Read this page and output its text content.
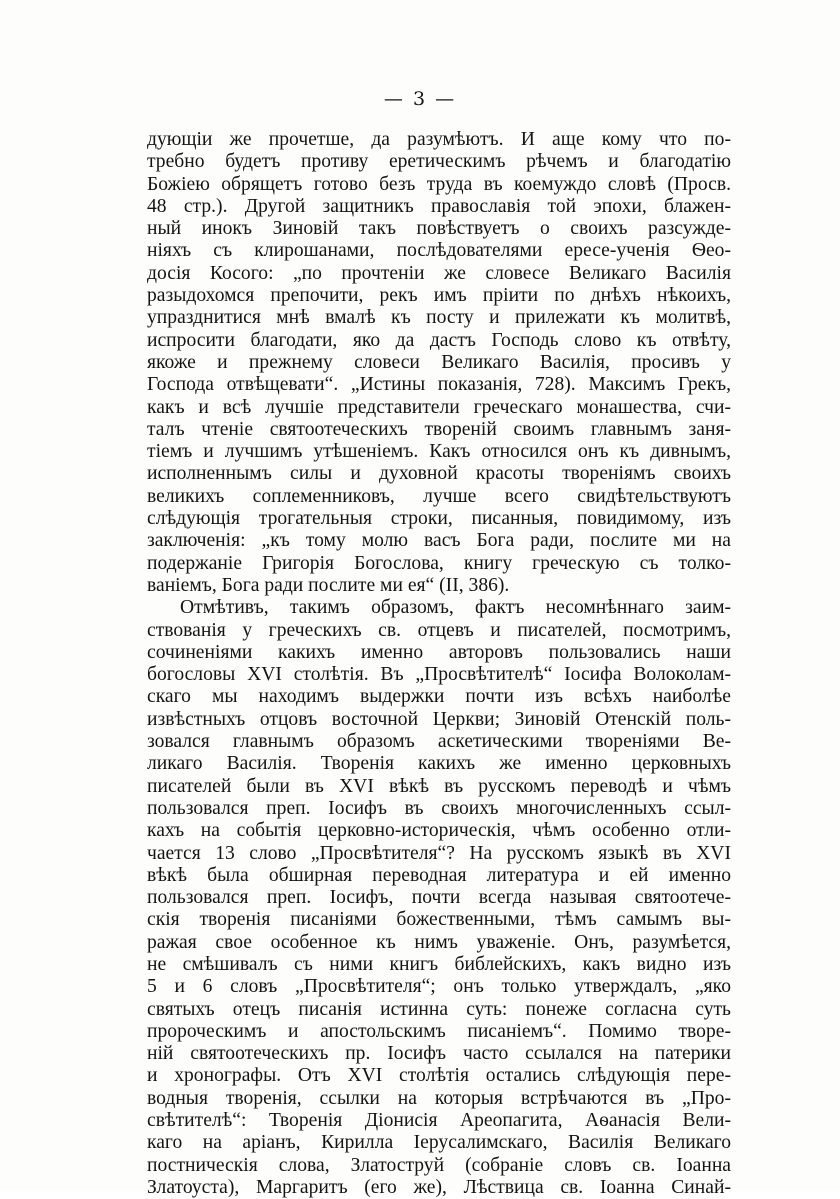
— 3 —
дующіи же прочетше, да разумѣютъ. И аще кому что по-
требно будетъ противу еретическимъ рѣчемъ и благодатію
Божіею обрящетъ готово безъ труда въ коемуждо словѣ (Просв.
48 стр.). Другой защитникъ православія той эпохи, блажен-
ный инокъ Зиновій такъ повѣствуетъ о своихъ разсужде-
ніяхъ съ клирошанами, послѣдователями ересе-ученія Ѳео-
досія Косого: „по прочтеніи же словесе Великаго Василія
разыдохомся препочити, рекъ имъ пріити по днѣхъ нѣкоихъ,
упразднитися мнѣ вмалѣ къ посту и прилежати къ молитвѣ,
испросити благодати, яко да дастъ Господь слово къ отвѣту,
якоже и прежнему словеси Великаго Василія, просивъ у
Господа отвѣщевати“. „Истины показанія, 728). Максимъ Грекъ,
какъ и всѣ лучшіе представители греческаго монашества, счи-
талъ чтеніе святоотеческихъ твореній своимъ главнымъ заня-
тіемъ и лучшимъ утѣшеніемъ. Какъ относился онъ къ дивнымъ,
исполненнымъ силы и духовной красоты твореніямъ своихъ
великихъ соплеменниковъ, лучше всего свидѣтельствуютъ
слѣдующія трогательныя строки, писанныя, повидимому, изъ
заключенія: „къ тому молю васъ Бога ради, послите ми на
подержаніе Григорія Богослова, книгу греческую съ толко-
ваніемъ, Бога ради послите ми ея“ (II, 386).
Отмѣтивъ, такимъ образомъ, фактъ несомнѣннаго заим-
ствованія у греческихъ св. отцевъ и писателей, посмотримъ,
сочиненіями какихъ именно авторовъ пользовались наши
богословы XVI столѣтія. Въ „Просвѣтителѣ“ Іосифа Волоколам-
скаго мы находимъ выдержки почти изъ всѣхъ наиболѣе
извѣстныхъ отцовъ восточной Церкви; Зиновій Отенскій поль-
зовался главнымъ образомъ аскетическими твореніями Ве-
ликаго Василія. Творенія какихъ же именно церковныхъ
писателей были въ XVI вѣкѣ въ русскомъ переводѣ и чѣмъ
пользовался преп. Іосифъ въ своихъ многочисленныхъ ссыл-
кахъ на событія церковно-историческія, чѣмъ особенно отли-
чается 13 слово „Просвѣтителя“? На русскомъ языкѣ въ XVI
вѣкѣ была обширная переводная литература и ей именно
пользовался преп. Іосифъ, почти всегда называя святоотече-
скія творенія писаніями божественными, тѣмъ самымъ вы-
ражая свое особенное къ нимъ уваженіе. Онъ, разумѣется,
не смѣшивалъ съ ними книгъ библейскихъ, какъ видно изъ
5 и 6 словъ „Просвѣтителя“; онъ только утверждалъ, „яко
святыхъ отецъ писанія истинна суть: понеже согласна суть
пророческимъ и апостольскимъ писаніемъ“. Помимо творе-
ній святоотеческихъ пр. Іосифъ часто ссылался на патерики
и хронографы. Отъ XVI столѣтія остались слѣдующія пере-
водныя творенія, ссылки на которыя встрѣчаются въ „Про-
свѣтителѣ“: Творенія Діонисія Ареопагита, Аѳанасія Вели-
каго на аріанъ, Кирилла Іерусалимскаго, Василія Великаго
постническія слова, Златоструй (собраніе словъ св. Іоанна
Златоуста), Маргаритъ (его же), Лѣствица св. Іоанна Синай-
